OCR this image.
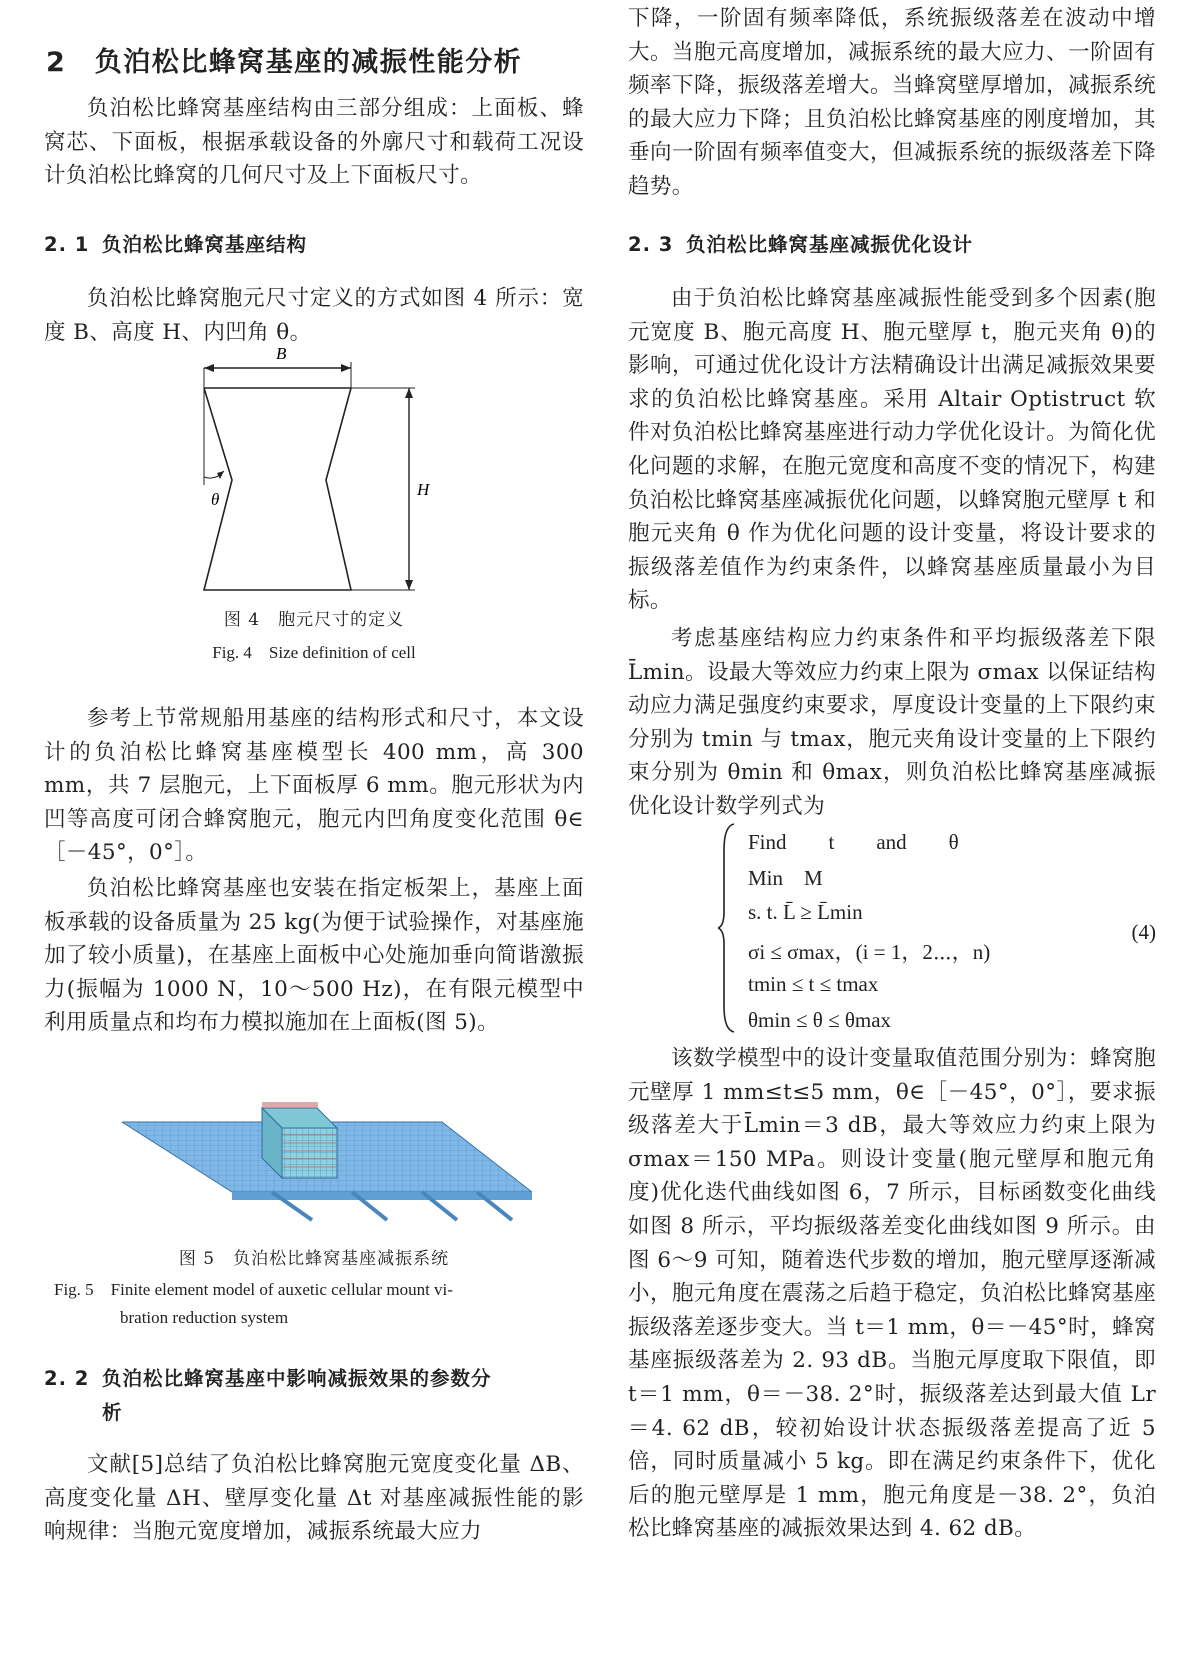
2　负泊松比蜂窝基座的减振性能分析
负泊松比蜂窝基座结构由三部分组成：上面板、蜂窝芯、下面板，根据承载设备的外廓尺寸和载荷工况设计负泊松比蜂窝的几何尺寸及上下面板尺寸。
2. 1 负泊松比蜂窝基座结构
负泊松比蜂窝胞元尺寸定义的方式如图 4 所示：宽度 B、高度 H、内凹角 θ。
B
H
θ
图 4　胞元尺寸的定义
Fig. 4　Size definition of cell
参考上节常规船用基座的结构形式和尺寸，本文设计的负泊松比蜂窝基座模型长 400 mm，高 300 mm，共 7 层胞元，上下面板厚 6 mm。胞元形状为内凹等高度可闭合蜂窝胞元，胞元内凹角度变化范围 θ∈［－45°，0°］。
负泊松比蜂窝基座也安装在指定板架上，基座上面板承载的设备质量为 25 kg(为便于试验操作，对基座施加了较小质量)，在基座上面板中心处施加垂向简谐激振力(振幅为 1000 N，10～500 Hz)，在有限元模型中利用质量点和均布力模拟施加在上面板(图 5)。
图 5　负泊松比蜂窝基座减振系统
Fig. 5　Finite element model of auxetic cellular mount vi-
bration reduction system
2. 2 负泊松比蜂窝基座中影响减振效果的参数分
析
文献[5]总结了负泊松比蜂窝胞元宽度变化量 ΔB、高度变化量 ΔH、壁厚变化量 Δt 对基座减振性能的影响规律：当胞元宽度增加，减振系统最大应力
下降，一阶固有频率降低，系统振级落差在波动中增大。当胞元高度增加，减振系统的最大应力、一阶固有频率下降，振级落差增大。当蜂窝壁厚增加，减振系统的最大应力下降；且负泊松比蜂窝基座的刚度增加，其垂向一阶固有频率值变大，但减振系统的振级落差下降趋势。
2. 3 负泊松比蜂窝基座减振优化设计
由于负泊松比蜂窝基座减振性能受到多个因素(胞元宽度 B、胞元高度 H、胞元壁厚 t，胞元夹角 θ)的影响，可通过优化设计方法精确设计出满足减振效果要求的负泊松比蜂窝基座。采用 Altair Optistruct 软件对负泊松比蜂窝基座进行动力学优化设计。为简化优化问题的求解，在胞元宽度和高度不变的情况下，构建负泊松比蜂窝基座减振优化问题，以蜂窝胞元壁厚 t 和胞元夹角 θ 作为优化问题的设计变量，将设计要求的振级落差值作为约束条件，以蜂窝基座质量最小为目标。
考虑基座结构应力约束条件和平均振级落差下限L̄min。设最大等效应力约束上限为 σmax 以保证结构动应力满足强度约束要求，厚度设计变量的上下限约束分别为 tmin 与 tmax，胞元夹角设计变量的上下限约束分别为 θmin 和 θmax，则负泊松比蜂窝基座减振优化设计数学列式为
Find　　t　　and　　θ
Min　M
s. t. L̄ ≥ L̄min
σi ≤ σmax，(i = 1，2⋯，n)
tmin ≤ t ≤ tmax
θmin ≤ θ ≤ θmax
(4)
该数学模型中的设计变量取值范围分别为：蜂窝胞元壁厚 1 mm≤t≤5 mm，θ∈［－45°，0°］，要求振级落差大于L̄min＝3 dB，最大等效应力约束上限为 σmax＝150 MPa。则设计变量(胞元壁厚和胞元角度)优化迭代曲线如图 6，7 所示，目标函数变化曲线如图 8 所示，平均振级落差变化曲线如图 9 所示。由图 6～9 可知，随着迭代步数的增加，胞元壁厚逐渐减小，胞元角度在震荡之后趋于稳定，负泊松比蜂窝基座振级落差逐步变大。当 t＝1 mm，θ＝－45°时，蜂窝基座振级落差为 2. 93 dB。当胞元厚度取下限值，即 t＝1 mm，θ＝－38. 2°时，振级落差达到最大值 Lr＝4. 62 dB，较初始设计状态振级落差提高了近 5 倍，同时质量减小 5 kg。即在满足约束条件下，优化后的胞元壁厚是 1 mm，胞元角度是－38. 2°，负泊松比蜂窝基座的减振效果达到 4. 62 dB。
